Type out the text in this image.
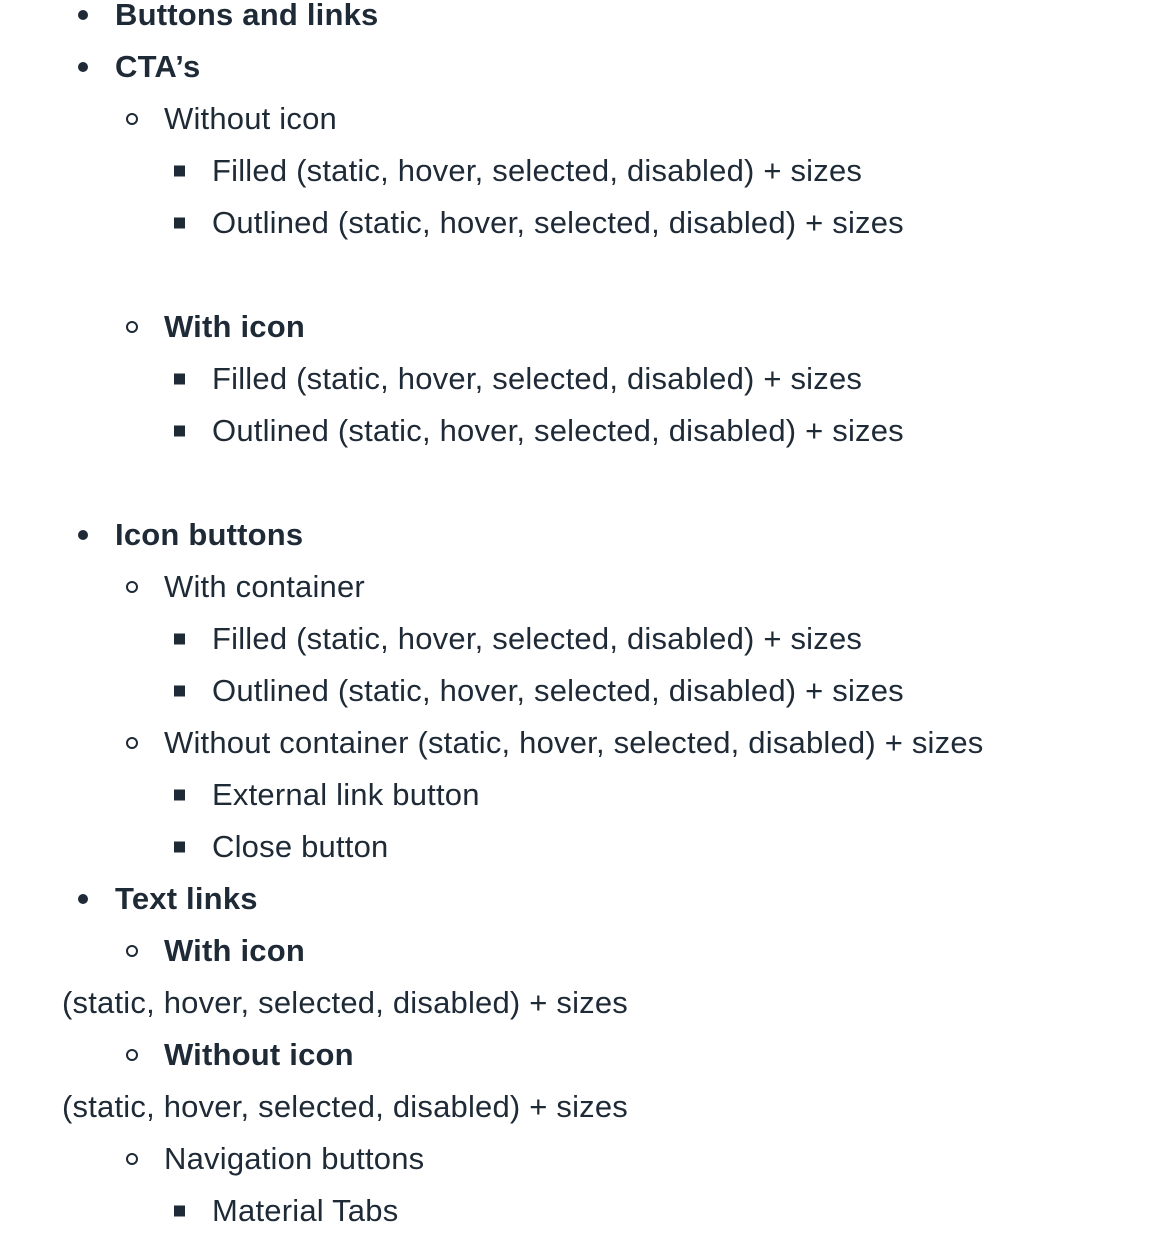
Buttons and links
CTA’s
Without icon
Filled (static, hover, selected, disabled) + sizes
Outlined (static, hover, selected, disabled) + sizes
With icon
Filled (static, hover, selected, disabled) + sizes
Outlined (static, hover, selected, disabled) + sizes
Icon buttons
With container
Filled (static, hover, selected, disabled) + sizes
Outlined (static, hover, selected, disabled) + sizes
Without container (static, hover, selected, disabled) + sizes
External link button
Close button
Text links
With icon
(static, hover, selected, disabled) + sizes
Without icon
(static, hover, selected, disabled) + sizes
Navigation buttons
Material Tabs
